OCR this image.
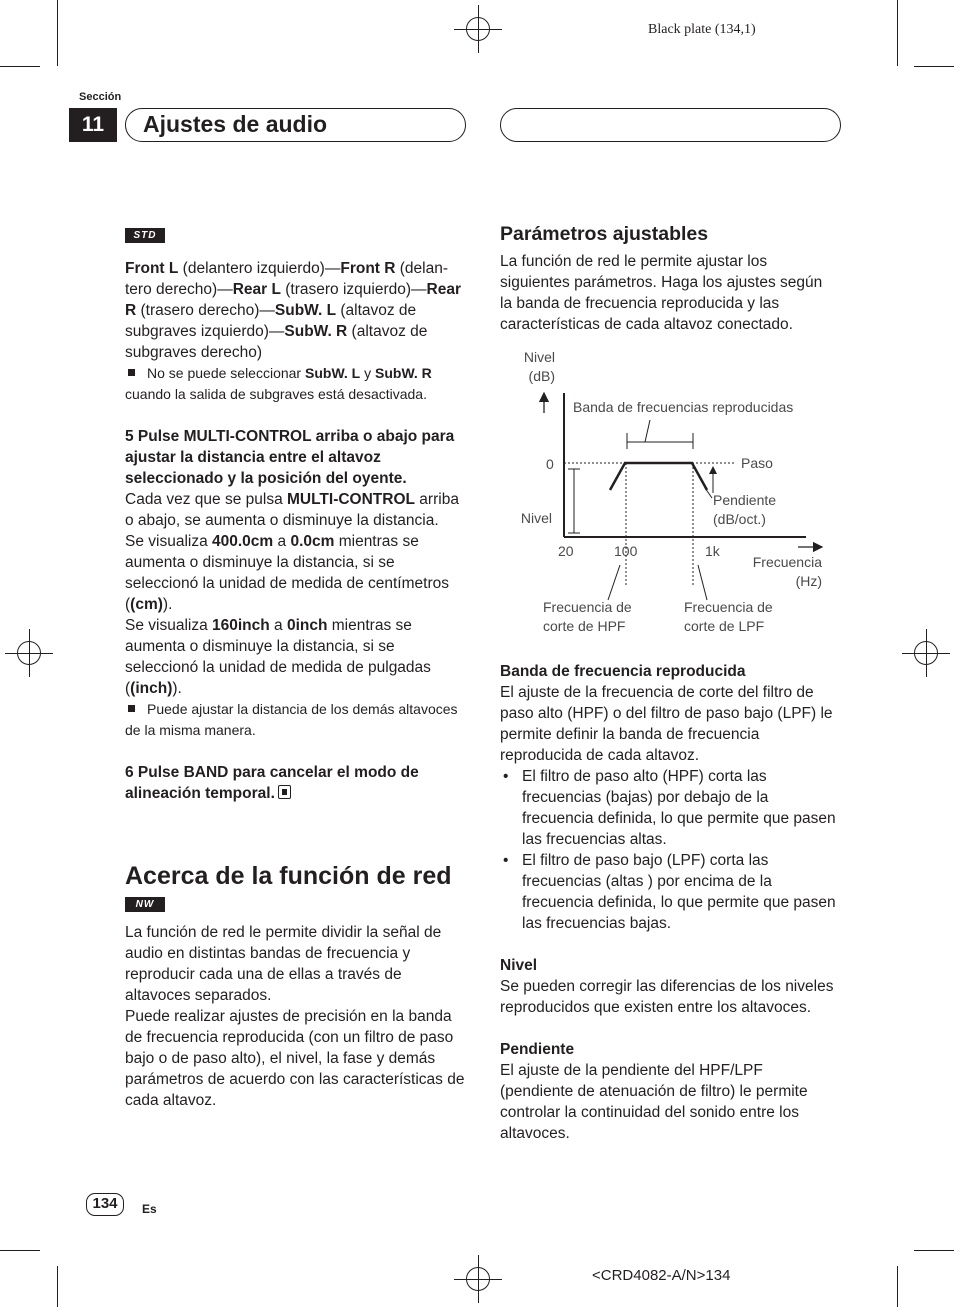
Black plate (134,1)
Sección
11	Ajustes de audio
STD

Front L (delantero izquierdo)—Front R (delan-tero derecho)—Rear L (trasero izquierdo)—Rear R (trasero derecho)—SubW. L (altavoz de subgraves izquierdo)—SubW. R (altavoz de subgraves derecho)

No se puede seleccionar SubW. L y SubW. R cuando la salida de subgraves está desactivada.

5 Pulse MULTI-CONTROL arriba o abajo para ajustar la distancia entre el altavoz seleccionado y la posición del oyente.

Cada vez que se pulsa MULTI-CONTROL arriba o abajo, se aumenta o disminuye la distancia.

Se visualiza 400.0cm a 0.0cm mientras se aumenta o disminuye la distancia, si se seleccionó la unidad de medida de centímetros ((cm)).

Se visualiza 160inch a 0inch mientras se aumenta o disminuye la distancia, si se seleccionó la unidad de medida de pulgadas ((inch)).

Puede ajustar la distancia de los demás altavoces de la misma manera.

6 Pulse BAND para cancelar el modo de alineación temporal.

Acerca de la función de red
NW

La función de red le permite dividir la señal de audio en distintas bandas de frecuencia y reproducir cada una de ellas a través de altavoces separados.

Puede realizar ajustes de precisión en la banda de frecuencia reproducida (con un filtro de paso bajo o de paso alto), el nivel, la fase y demás parámetros de acuerdo con las características de cada altavoz.

Parámetros ajustables

La función de red le permite ajustar los siguientes parámetros. Haga los ajustes según la banda de frecuencia reproducida y las características de cada altavoz conectado.

Nivel
(dB)
Banda de frecuencias reproducidas
0	Paso
Pendiente
(dB/oct.)
Nivel
20	100	1k
Frecuencia
(Hz)
Frecuencia de
corte de HPF
Frecuencia de
corte de LPF

Banda de frecuencia reproducida

El ajuste de la frecuencia de corte del filtro de paso alto (HPF) o del filtro de paso bajo (LPF) le permite definir la banda de frecuencia reproducida de cada altavoz.

• El filtro de paso alto (HPF) corta las frecuencias (bajas) por debajo de la frecuencia definida, lo que permite que pasen las frecuencias altas.

• El filtro de paso bajo (LPF) corta las frecuencias (altas ) por encima de la frecuencia definida, lo que permite que pasen las frecuencias bajas.

Nivel

Se pueden corregir las diferencias de los niveles reproducidos que existen entre los altavoces.

Pendiente

El ajuste de la pendiente del HPF/LPF (pendiente de atenuación de filtro) le permite controlar la continuidad del sonido entre los altavoces.

134	Es
<CRD4082-A/N>134
